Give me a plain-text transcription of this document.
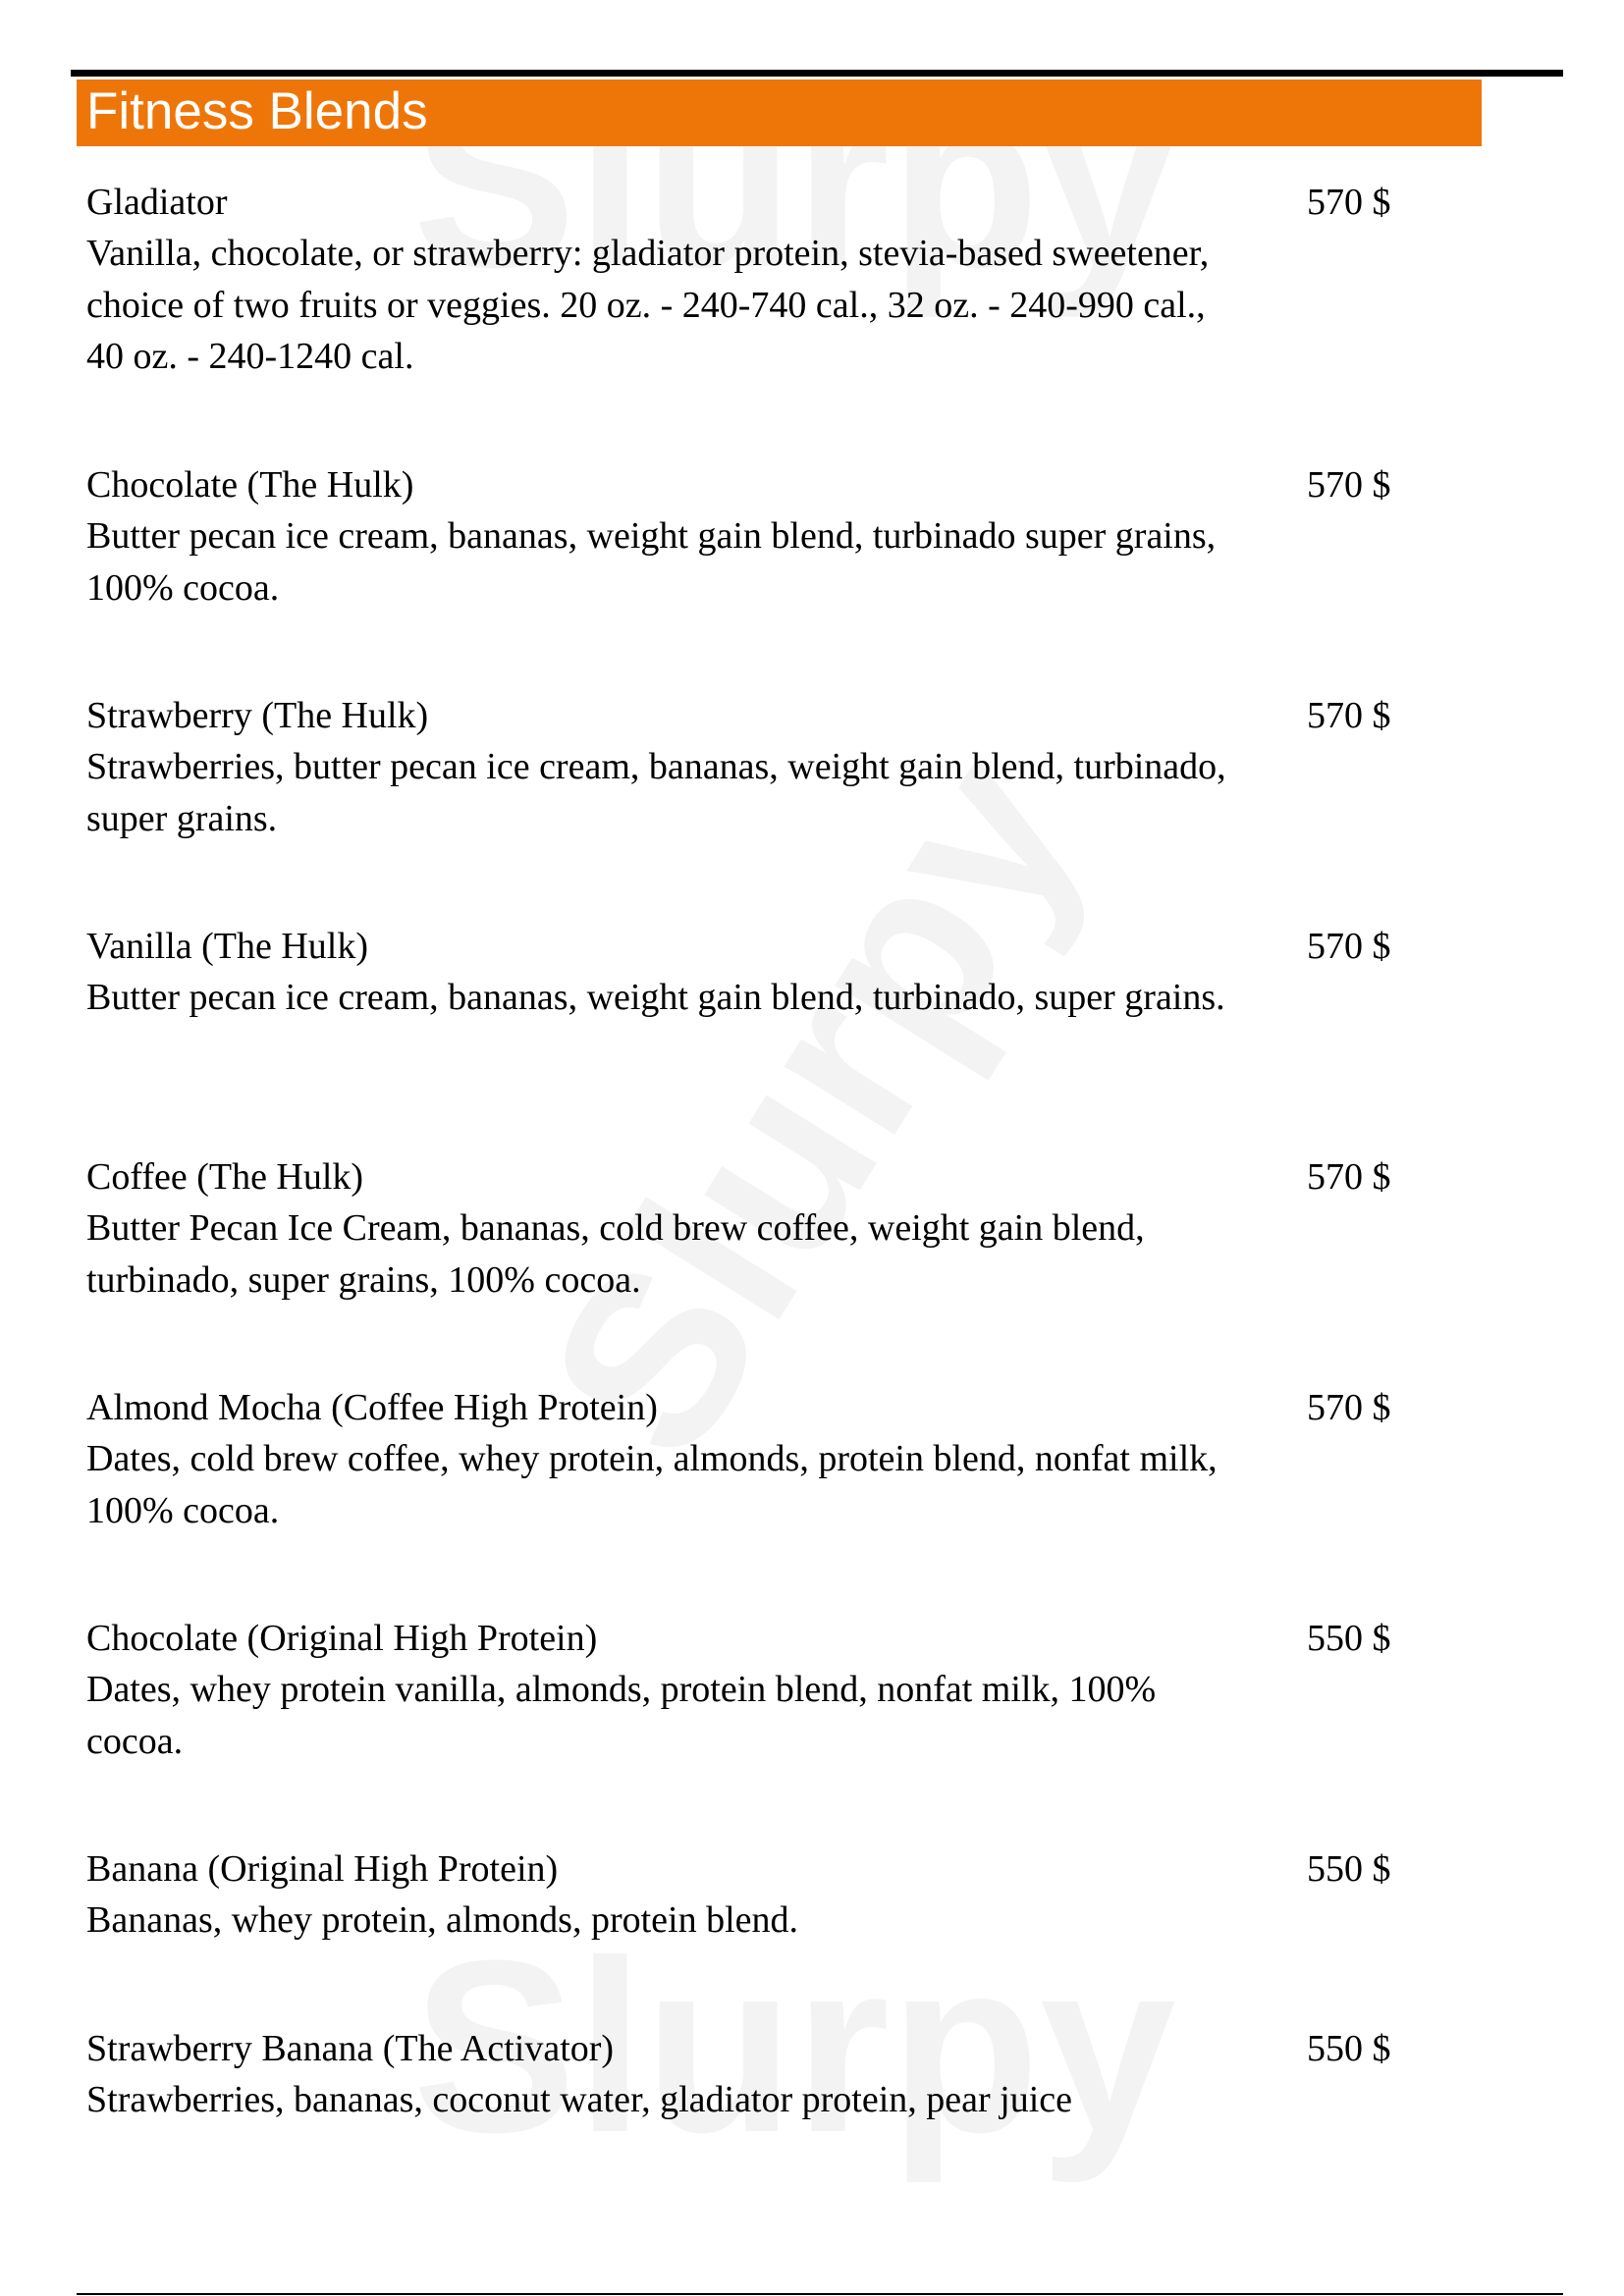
Fitness Blends
Gladiator	570 $
Vanilla, chocolate, or strawberry: gladiator protein, stevia-based sweetener, choice of two fruits or veggies. 20 oz. - 240-740 cal., 32 oz. - 240-990 cal., 40 oz. - 240-1240 cal.
Chocolate (The Hulk)	570 $
Butter pecan ice cream, bananas, weight gain blend, turbinado super grains, 100% cocoa.
Strawberry (The Hulk)	570 $
Strawberries, butter pecan ice cream, bananas, weight gain blend, turbinado, super grains.
Vanilla (The Hulk)	570 $
Butter pecan ice cream, bananas, weight gain blend, turbinado, super grains.
Coffee (The Hulk)	570 $
Butter Pecan Ice Cream, bananas, cold brew coffee, weight gain blend, turbinado, super grains, 100% cocoa.
Almond Mocha (Coffee High Protein)	570 $
Dates, cold brew coffee, whey protein, almonds, protein blend, nonfat milk, 100% cocoa.
Chocolate (Original High Protein)	550 $
Dates, whey protein vanilla, almonds, protein blend, nonfat milk, 100% cocoa.
Banana (Original High Protein)	550 $
Bananas, whey protein, almonds, protein blend.
Strawberry Banana (The Activator)	550 $
Strawberries, bananas, coconut water, gladiator protein, pear juice
